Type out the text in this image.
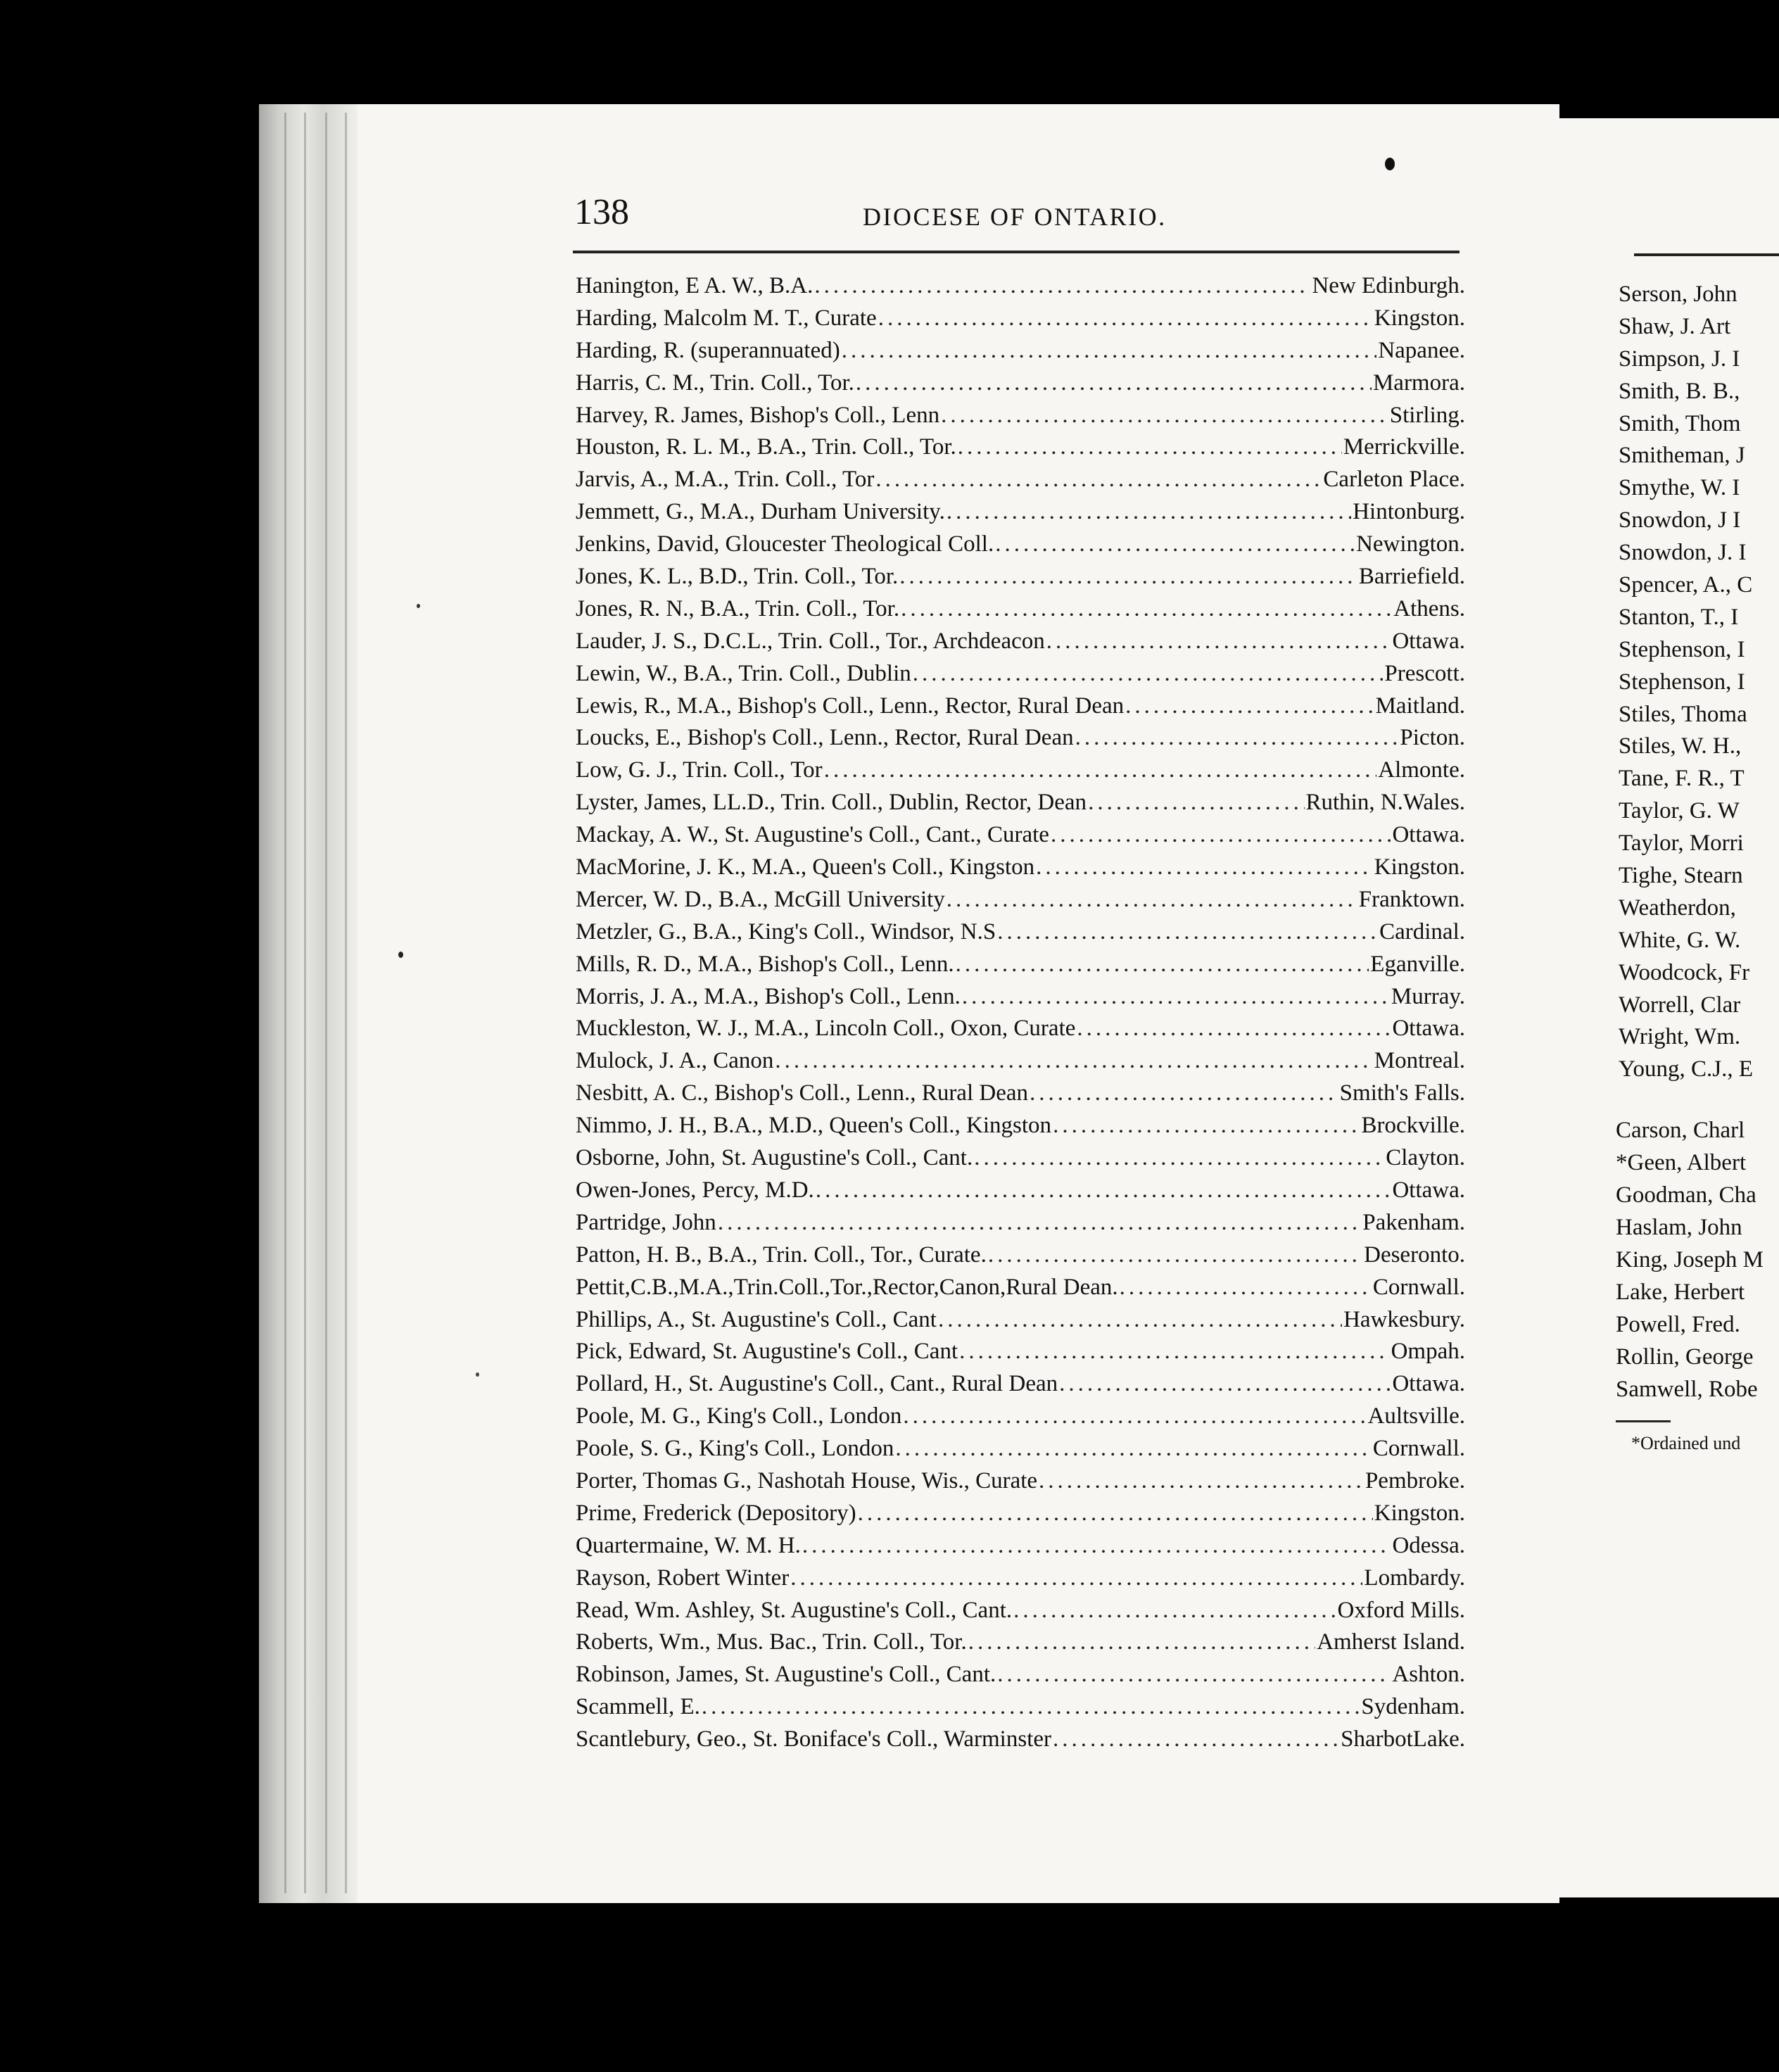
138	DIOCESE OF ONTARIO.
Hanington, E A. W., B.A. .....	New Edinburgh.
Harding, Malcolm M. T., Curate .....	Kingston.
Harding, R. (superannuated) .....	Napanee.
Harris, C. M., Trin. Coll., Tor. .....	Marmora.
Harvey, R. James, Bishop's Coll., Lenn .....	Stirling.
Houston, R. L. M., B.A., Trin. Coll., Tor. .....	Merrickville.
Jarvis, A., M.A., Trin. Coll., Tor .....	Carleton Place.
Jemmett, G., M.A., Durham University. .....	Hintonburg.
Jenkins, David, Gloucester Theological Coll. .....	Newington.
Jones, K. L., B.D., Trin. Coll., Tor. .....	Barriefield.
Jones, R. N., B.A., Trin. Coll., Tor. .....	Athens.
Lauder, J. S., D.C.L., Trin. Coll., Tor., Archdeacon .....	Ottawa.
Lewin, W., B.A., Trin. Coll., Dublin .....	Prescott.
Lewis, R., M.A., Bishop's Coll., Lenn., Rector, Rural Dean .....	Maitland.
Loucks, E., Bishop's Coll., Lenn., Rector, Rural Dean .....	Picton.
Low, G. J., Trin. Coll., Tor .....	Almonte.
Lyster, James, LL.D., Trin. Coll., Dublin, Rector, Dean .....	Ruthin, N.Wales.
Mackay, A. W., St. Augustine's Coll., Cant., Curate .....	Ottawa.
MacMorine, J. K., M.A., Queen's Coll., Kingston .....	Kingston.
Mercer, W. D., B.A., McGill University .....	Franktown.
Metzler, G., B.A., King's Coll., Windsor, N.S .....	Cardinal.
Mills, R. D., M.A., Bishop's Coll., Lenn. .....	Eganville.
Morris, J. A., M.A., Bishop's Coll., Lenn. .....	Murray.
Muckleston, W. J., M.A., Lincoln Coll., Oxon, Curate .....	Ottawa.
Mulock, J. A., Canon .....	Montreal.
Nesbitt, A. C., Bishop's Coll., Lenn., Rural Dean .....	Smith's Falls.
Nimmo, J. H., B.A., M.D., Queen's Coll., Kingston .....	Brockville.
Osborne, John, St. Augustine's Coll., Cant. .....	Clayton.
Owen-Jones, Percy, M.D. .....	Ottawa.
Partridge, John .....	Pakenham.
Patton, H. B., B.A., Trin. Coll., Tor., Curate. .....	Deseronto.
Pettit,C.B.,M.A.,Trin.Coll.,Tor.,Rector,Canon,Rural Dean. .....	Cornwall.
Phillips, A., St. Augustine's Coll., Cant .....	Hawkesbury.
Pick, Edward, St. Augustine's Coll., Cant .....	Ompah.
Pollard, H., St. Augustine's Coll., Cant., Rural Dean .....	Ottawa.
Poole, M. G., King's Coll., London .....	Aultsville.
Poole, S. G., King's Coll., London .....	Cornwall.
Porter, Thomas G., Nashotah House, Wis., Curate .....	Pembroke.
Prime, Frederick (Depository) .....	Kingston.
Quartermaine, W. M. H. .....	Odessa.
Rayson, Robert Winter .....	Lombardy.
Read, Wm. Ashley, St. Augustine's Coll., Cant. .....	Oxford Mills.
Roberts, Wm., Mus. Bac., Trin. Coll., Tor. .....	Amherst Island.
Robinson, James, St. Augustine's Coll., Cant. .....	Ashton.
Scammell, E. .....	Sydenham.
Scantlebury, Geo., St. Boniface's Coll., Warminster .....	SharbotLake.
Serson, John
Shaw, J. Art
Simpson, J. I
Smith, B. B.,
Smith, Thom
Smitheman, J
Smythe, W. I
Snowdon, J I
Snowdon, J. I
Spencer, A., C
Stanton, T., I
Stephenson, I
Stephenson, I
Stiles, Thoma
Stiles, W. H.,
Tane, F. R., T
Taylor, G. W
Taylor, Morri
Tighe, Stearn
Weatherdon,
White, G. W.
Woodcock, Fr
Worrell, Clar
Wright, Wm.
Young, C.J., E
Carson, Charl
*Geen, Albert
Goodman, Cha
Haslam, John
King, Joseph M
Lake, Herbert
Powell, Fred.
Rollin, George
Samwell, Robe
*Ordained und
